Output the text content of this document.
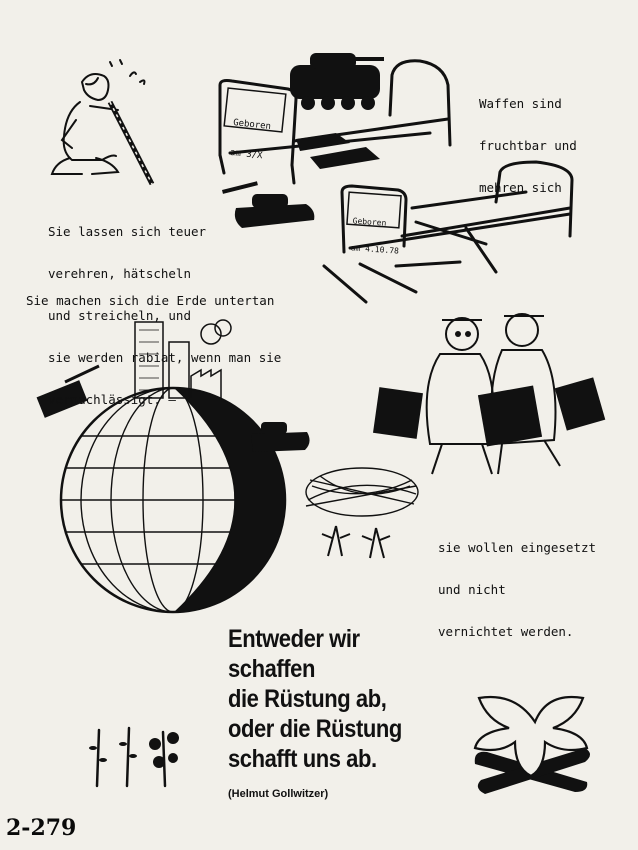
Waffen sind

fruchtbar und

mehren sich

Geboren

am 3/X

Geboren

am 4.10.78

Sie lassen sich teuer

verehren, hätscheln

und streicheln, und

sie werden rabiat, wenn man sie

vernachlässigt. –

Sie machen sich die Erde untertan

sie wollen eingesetzt

und nicht

vernichtet werden.

Entweder wir
schaffen
die Rüstung ab,
oder die Rüstung
schafft uns ab.
(Helmut Gollwitzer)
2-279
